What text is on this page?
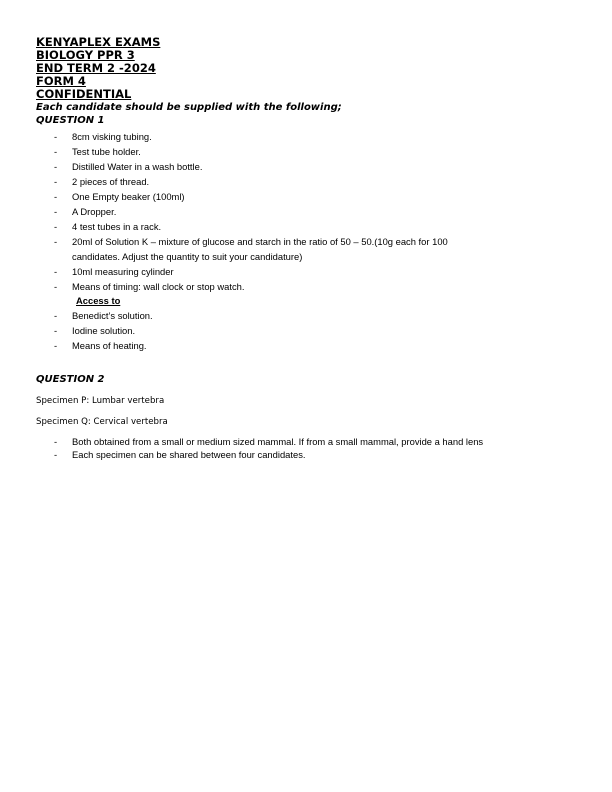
KENYAPLEX EXAMS
BIOLOGY PPR 3
END TERM 2 -2024
FORM 4
CONFIDENTIAL
Each candidate should be supplied with the following;
QUESTION 1
- 8cm visking tubing.
- Test tube holder.
- Distilled Water in a wash bottle.
- 2 pieces of thread.
- One Empty beaker (100ml)
- A Dropper.
- 4 test tubes in a rack.
- 20ml of Solution K – mixture of glucose and starch in the ratio of 50 – 50.(10g each for 100
candidates. Adjust the quantity to suit your candidature)
- 10ml measuring cylinder
- Means of timing: wall clock or stop watch.
Access to
- Benedict’s solution.
- Iodine solution.
- Means of heating.
QUESTION 2
Specimen P: Lumbar vertebra
Specimen Q: Cervical vertebra
- Both obtained from a small or medium sized mammal. If from a small mammal, provide a hand lens
- Each specimen can be shared between four candidates.
